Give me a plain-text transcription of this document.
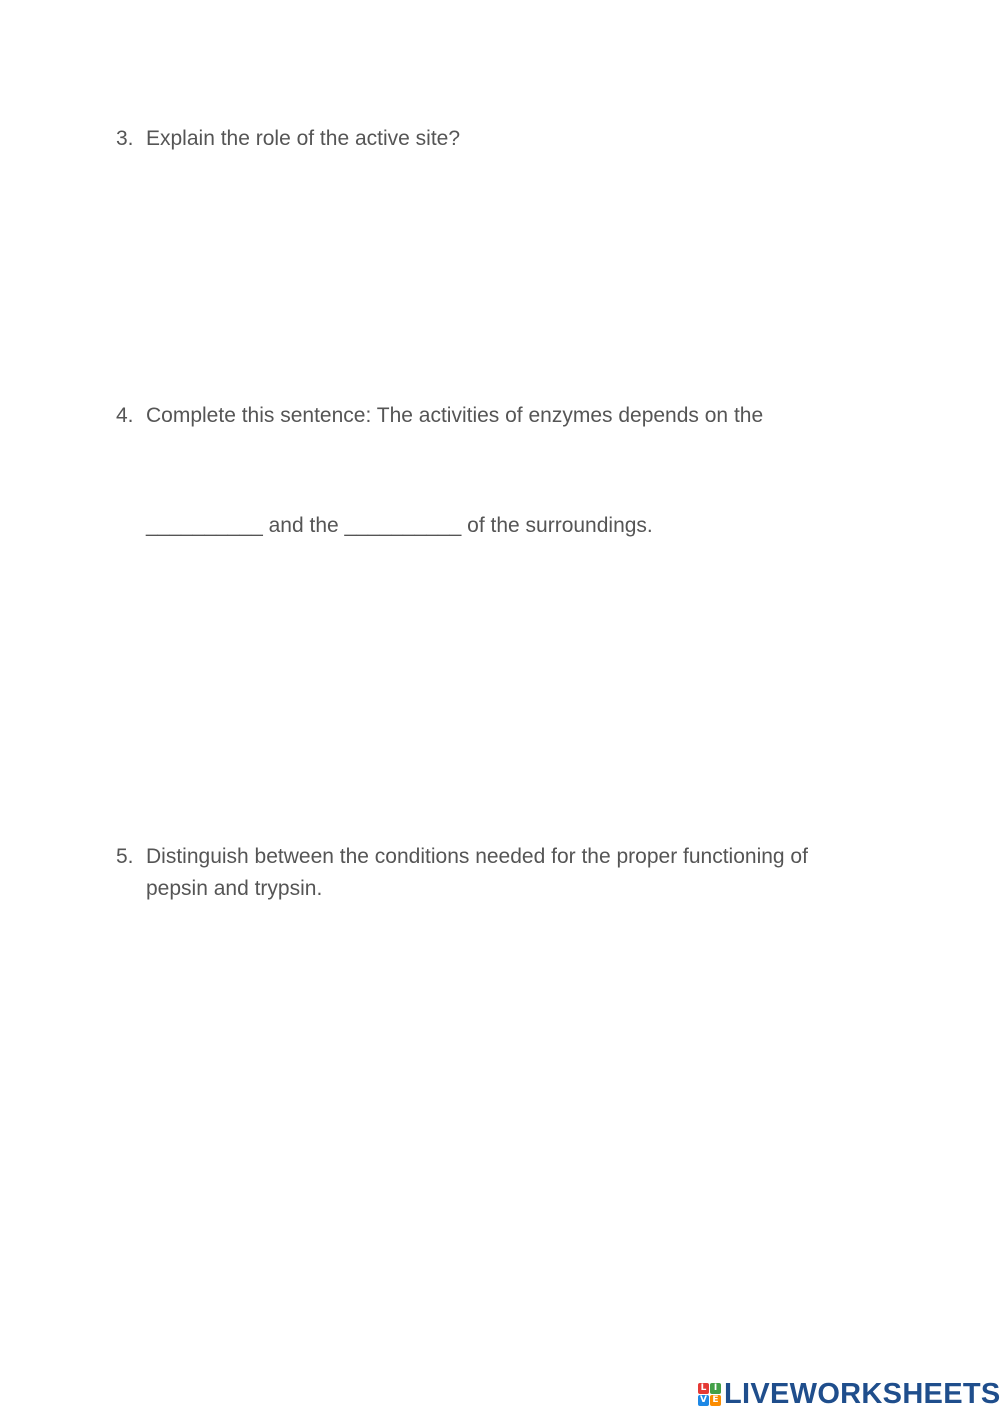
3. Explain the role of the active site?
4. Complete this sentence: The activities of enzymes depends on the
__________ and the __________ of the surroundings.
5. Distinguish between the conditions needed for the proper functioning of
pepsin and trypsin.
L I
V E LIVEWORKSHEETS
